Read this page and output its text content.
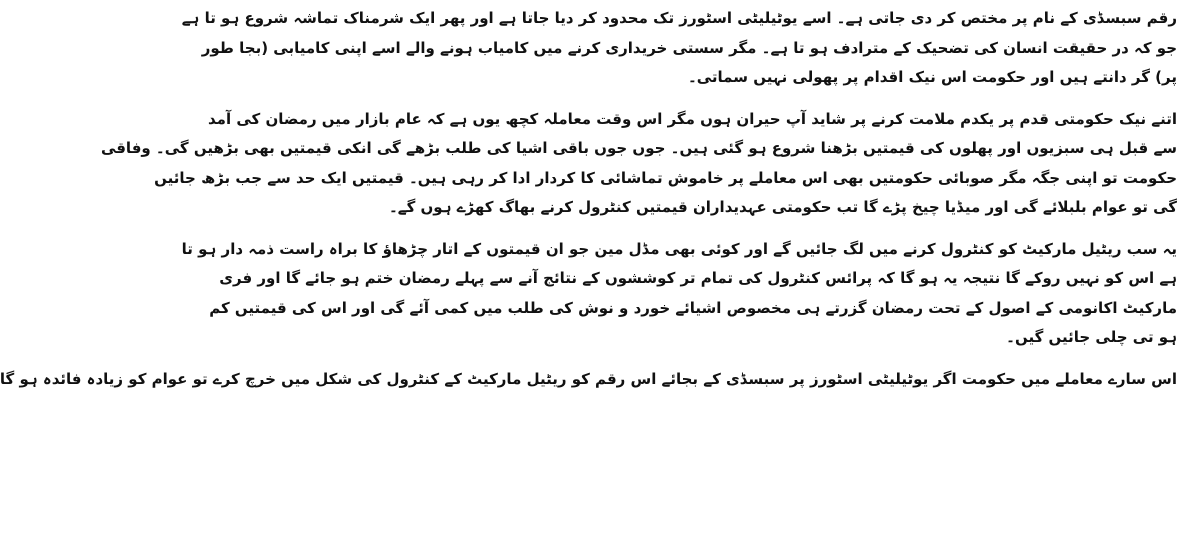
رقم سبسڈی کے نام پر مختص کر دی جاتی ہے۔ اسے یوٹیلیٹی اسٹورز تک محدود کر دیا جاتا ہے اور پھر ایک شرمناک تماشہ شروع ہو تا ہے
جو کہ در حقیقت انسان کی تضحیک کے مترادف ہو تا ہے۔ مگر سستی خریداری کرنے میں کامیاب ہونے والے اسے اپنی کامیابی (بجا طور
پر) گر دانتے ہیں اور حکومت اس نیک اقدام پر پھولی نہیں سماتی۔
اتنے نیک حکومتی قدم پر یکدم ملامت کرنے پر شاید آپ حیران ہوں مگر اس وقت معاملہ کچھ یوں ہے کہ عام بازار میں رمضان کی آمد
سے قبل ہی سبزیوں اور پھلوں کی قیمتیں بڑھنا شروع ہو گئی ہیں۔ جوں جوں باقی اشیا کی طلب بڑھے گی انکی قیمتیں بھی بڑھیں گی۔ وفاقی
حکومت تو اپنی جگہ مگر صوبائی حکومتیں بھی اس معاملے پر خاموش تماشائی کا کردار ادا کر رہی ہیں۔ قیمتیں ایک حد سے جب بڑھ جائیں
گی تو عوام بلبلائے گی اور میڈیا چیخ پڑے گا تب حکومتی عہدیداران قیمتیں کنٹرول کرنے بھاگ کھڑے ہوں گے۔
یہ سب ریٹیل مارکیٹ کو کنٹرول کرنے میں لگ جائیں گے اور کوئی بھی مڈل مین جو ان قیمتوں کے اتار چڑھاؤ کا براہ راست ذمہ دار ہو تا
ہے اس کو نہیں روکے گا نتیجہ یہ ہو گا کہ پرائس کنٹرول کی تمام تر کوششوں کے نتائج آنے سے پہلے رمضان ختم ہو جائے گا اور فری
مارکیٹ اکانومی کے اصول کے تحت رمضان گزرتے ہی مخصوص اشیائے خورد و نوش کی طلب میں کمی آئے گی اور اس کی قیمتیں کم
ہو تی چلی جائیں گیں۔
اس سارے معاملے میں حکومت اگر یوٹیلیٹی اسٹورز پر سبسڈی کے بجائے اس رقم کو ریٹیل مارکیٹ کے کنٹرول کی شکل میں خرچ کرے تو عوام کو زیادہ فائدہ ہو گا
